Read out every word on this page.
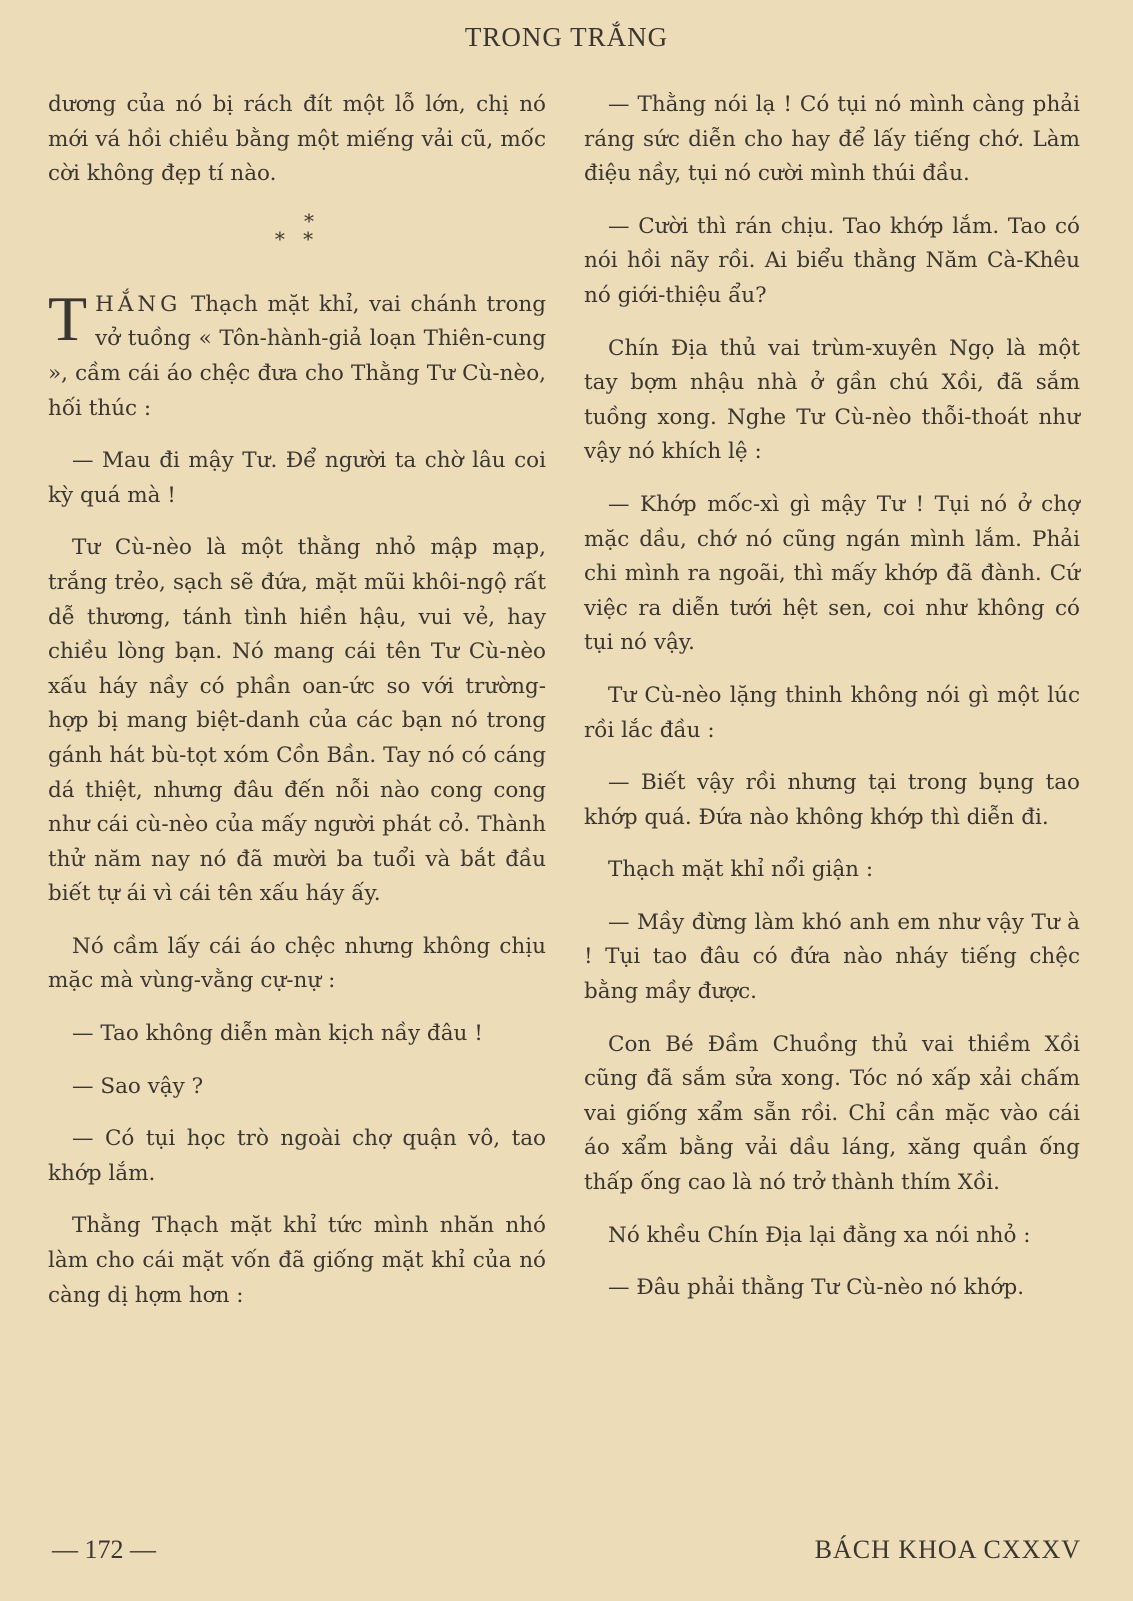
TRONG TRẮNG

dương của nó bị rách đít một lỗ lớn, chị nó mới vá hồi chiều bằng một miếng vải cũ, mốc cời không đẹp tí nào.

*
* *

THẮNG Thạch mặt khỉ, vai chánh trong vở tuồng « Tôn-hành-giả loạn Thiên-cung », cầm cái áo chệc đưa cho Thằng Tư Cù-nèo, hối thúc :

— Mau đi mậy Tư. Để người ta chờ lâu coi kỳ quá mà !

Tư Cù-nèo là một thằng nhỏ mập mạp, trắng trẻo, sạch sẽ đứa, mặt mũi khôi-ngộ rất dễ thương, tánh tình hiền hậu, vui vẻ, hay chiều lòng bạn. Nó mang cái tên Tư Cù-nèo xấu háy nầy có phần oan-ức so với trường-hợp bị mang biệt-danh của các bạn nó trong gánh hát bù-tọt xóm Cồn Bần. Tay nó có cáng dá thiệt, nhưng đâu đến nỗi nào cong cong như cái cù-nèo của mấy người phát cỏ. Thành thử năm nay nó đã mười ba tuổi và bắt đầu biết tự ái vì cái tên xấu háy ấy.

Nó cầm lấy cái áo chệc nhưng không chịu mặc mà vùng-vằng cự-nự :

— Tao không diễn màn kịch nầy đâu !

— Sao vậy ?

— Có tụi học trò ngoài chợ quận vô, tao khớp lắm.

Thằng Thạch mặt khỉ tức mình nhăn nhó làm cho cái mặt vốn đã giống mặt khỉ của nó càng dị hợm hơn :

— Thằng nói lạ ! Có tụi nó mình càng phải ráng sức diễn cho hay để lấy tiếng chớ. Làm điệu nầy, tụi nó cười mình thúi đầu.

— Cười thì rán chịu. Tao khớp lắm. Tao có nói hồi nãy rồi. Ai biểu thằng Năm Cà-Khêu nó giới-thiệu ẩu?

Chín Địa thủ vai trùm-xuyên Ngọ là một tay bợm nhậu nhà ở gần chú Xồi, đã sắm tuồng xong. Nghe Tư Cù-nèo thỗi-thoát như vậy nó khích lệ :

— Khớp mốc-xì gì mậy Tư ! Tụi nó ở chợ mặc dầu, chớ nó cũng ngán mình lắm. Phải chi mình ra ngoãi, thì mấy khớp đã đành. Cứ việc ra diễn tưới hệt sen, coi như không có tụi nó vậy.

Tư Cù-nèo lặng thinh không nói gì một lúc rồi lắc đầu :

— Biết vậy rồi nhưng tại trong bụng tao khớp quá. Đứa nào không khớp thì diễn đi.

Thạch mặt khỉ nổi giận :

— Mầy đừng làm khó anh em như vậy Tư à ! Tụi tao đâu có đứa nào nháy tiếng chệc bằng mầy được.

Con Bé Đầm Chuồng thủ vai thiềm Xồi cũng đã sắm sửa xong. Tóc nó xấp xải chấm vai giống xẩm sẵn rồi. Chỉ cần mặc vào cái áo xẩm bằng vải dầu láng, xăng quần ống thấp ống cao là nó trở thành thím Xồi.

Nó khều Chín Địa lại đằng xa nói nhỏ :

— Đâu phải thằng Tư Cù-nèo nó khớp.

— 172 —	BÁCH KHOA CXXXV
